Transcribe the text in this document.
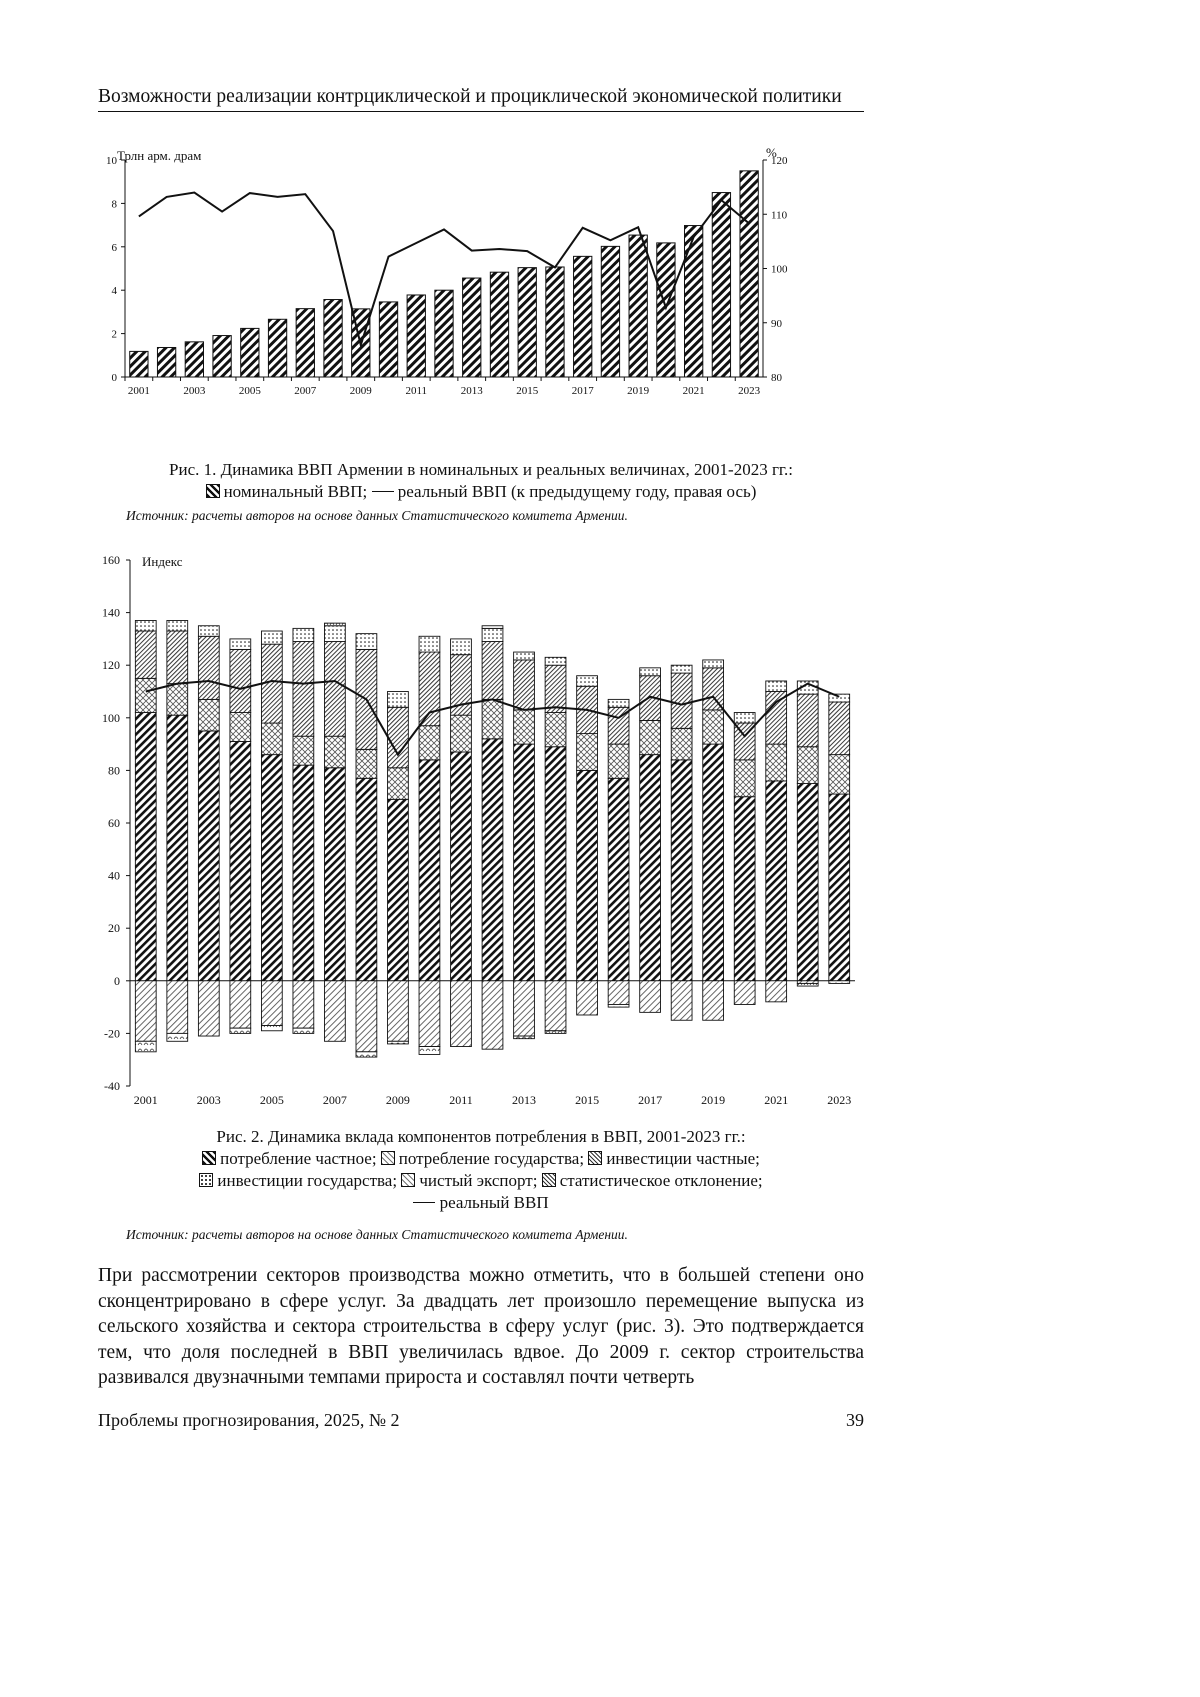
Возможности реализации контрциклической и проциклической экономической политики
0
2
4
6
8
10
80
90
100
110
120
Трлн арм. драм	%
2001	2003	2005	2007	2009	2011	2013	2015	2017	2019	2021	2023
Рис. 1. Динамика ВВП Армении в номинальных и реальных величинах, 2001-2023 гг.:
номинальный ВВП; реальный ВВП (к предыдущему году, правая ось)
Источник: расчеты авторов на основе данных Статистического комитета Армении.
-40
-20
0
20
40
60
80
100
120
140
160 Индекс
2001	2003	2005	2007	2009	2011	2013	2015	2017	2019	2021	2023
Рис. 2. Динамика вклада компонентов потребления в ВВП, 2001-2023 гг.:
потребление частное; потребление государства; инвестиции частные;
инвестиции государства; чистый экспорт; статистическое отклонение;
реальный ВВП
Источник: расчеты авторов на основе данных Статистического комитета Армении.
При рассмотрении секторов производства можно отметить, что в большей степени оно сконцентрировано в сфере услуг. За двадцать лет произошло перемещение выпуска из сельского хозяйства и сектора строительства в сферу услуг (рис. 3). Это подтверждается тем, что доля последней в ВВП увеличилась вдвое. До 2009 г. сектор строительства развивался двузначными темпами прироста и составлял почти четверть
Проблемы прогнозирования, 2025, № 2	39
